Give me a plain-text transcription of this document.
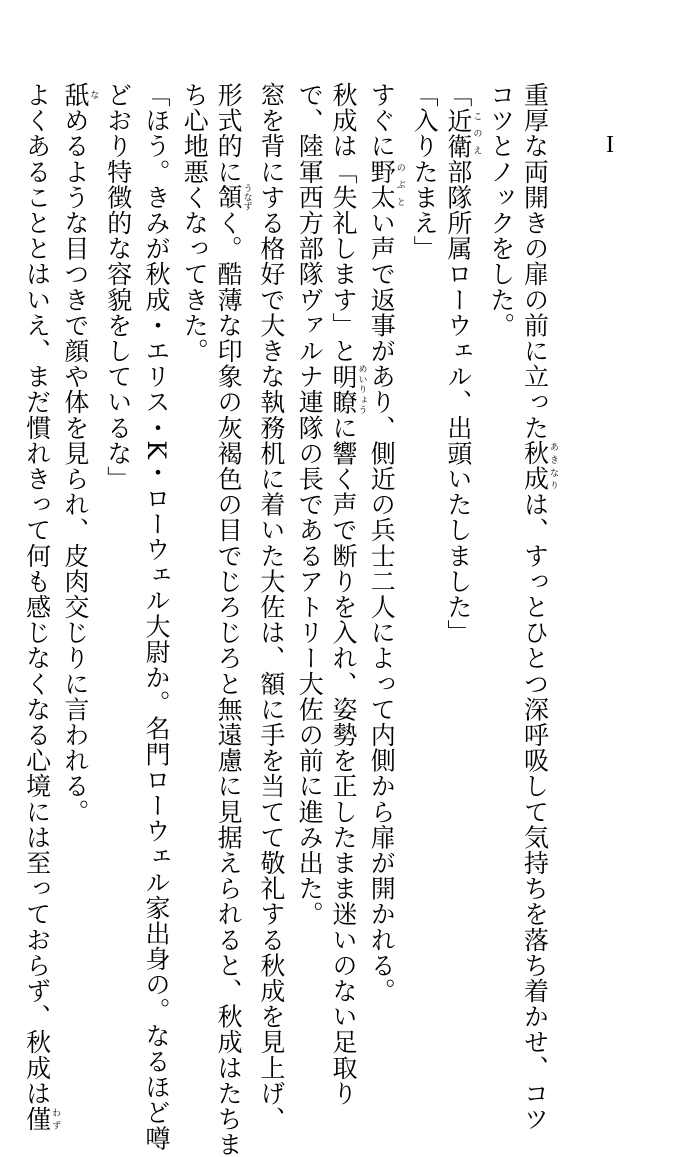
I
重厚な両開きの扉の前に立った秋成あきなりは、すっとひとつ深呼吸して気持ちを落ち着かせ、コツ
コツとノックをした。
「近衛このえ部隊所属ローウェル、出頭いたしました」
「入りたまえ」
すぐに野太のぶとい声で返事があり、側近の兵士二人によって内側から扉が開かれる。
秋成は「失礼します」と明瞭めいりょうに響く声で断りを入れ、姿勢を正したまま迷いのない足取り
で、陸軍西方部隊ヴァルナ連隊の長であるアトリー大佐の前に進み出た。
窓を背にする格好で大きな執務机に着いた大佐は、額に手を当てて敬礼する秋成を見上げ、
形式的に頷うなずく。酷薄な印象の灰褐色の目でじろじろと無遠慮に見据えられると、秋成はたちま
ち心地悪くなってきた。
「ほう。きみが秋成・エリス・K・ローウェル大尉か。名門ローウェル家出身の。なるほど噂
どおり特徴的な容貌をしているな」
舐なめるような目つきで顔や体を見られ、皮肉交じりに言われる。
よくあることとはいえ、まだ慣れきって何も感じなくなる心境には至っておらず、秋成は僅わず
